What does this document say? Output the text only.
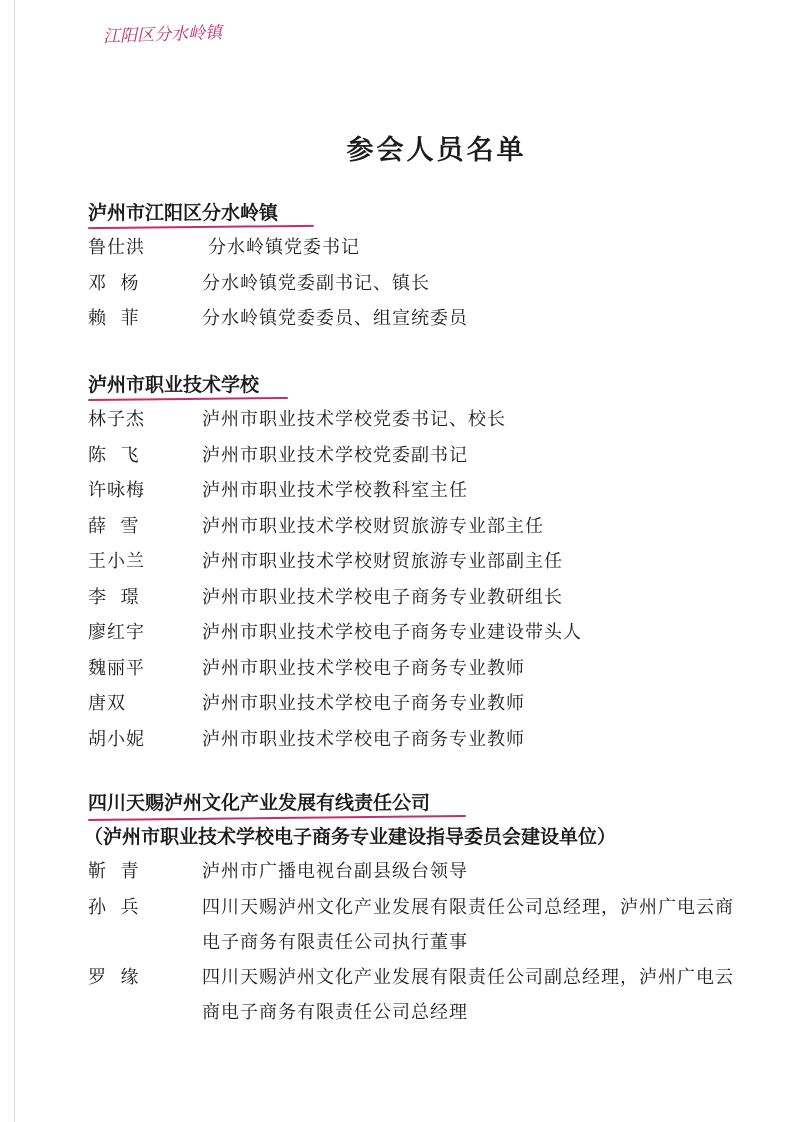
江阳区分水岭镇
参会人员名单
泸州市江阳区分水岭镇
鲁仕洪	分水岭镇党委书记
邓  杨	分水岭镇党委副书记、镇长
赖  菲	分水岭镇党委委员、组宣统委员
泸州市职业技术学校
林子杰	泸州市职业技术学校党委书记、校长
陈  飞	泸州市职业技术学校党委副书记
许咏梅	泸州市职业技术学校教科室主任
薛  雪	泸州市职业技术学校财贸旅游专业部主任
王小兰	泸州市职业技术学校财贸旅游专业部副主任
李  璟	泸州市职业技术学校电子商务专业教研组长
廖红宇	泸州市职业技术学校电子商务专业建设带头人
魏丽平	泸州市职业技术学校电子商务专业教师
唐双	泸州市职业技术学校电子商务专业教师
胡小妮	泸州市职业技术学校电子商务专业教师
四川天赐泸州文化产业发展有线责任公司
（泸州市职业技术学校电子商务专业建设指导委员会建设单位）
靳  青	泸州市广播电视台副县级台领导
孙  兵	四川天赐泸州文化产业发展有限责任公司总经理，泸州广电云商电子商务有限责任公司执行董事
罗  缘	四川天赐泸州文化产业发展有限责任公司副总经理，泸州广电云商电子商务有限责任公司总经理
